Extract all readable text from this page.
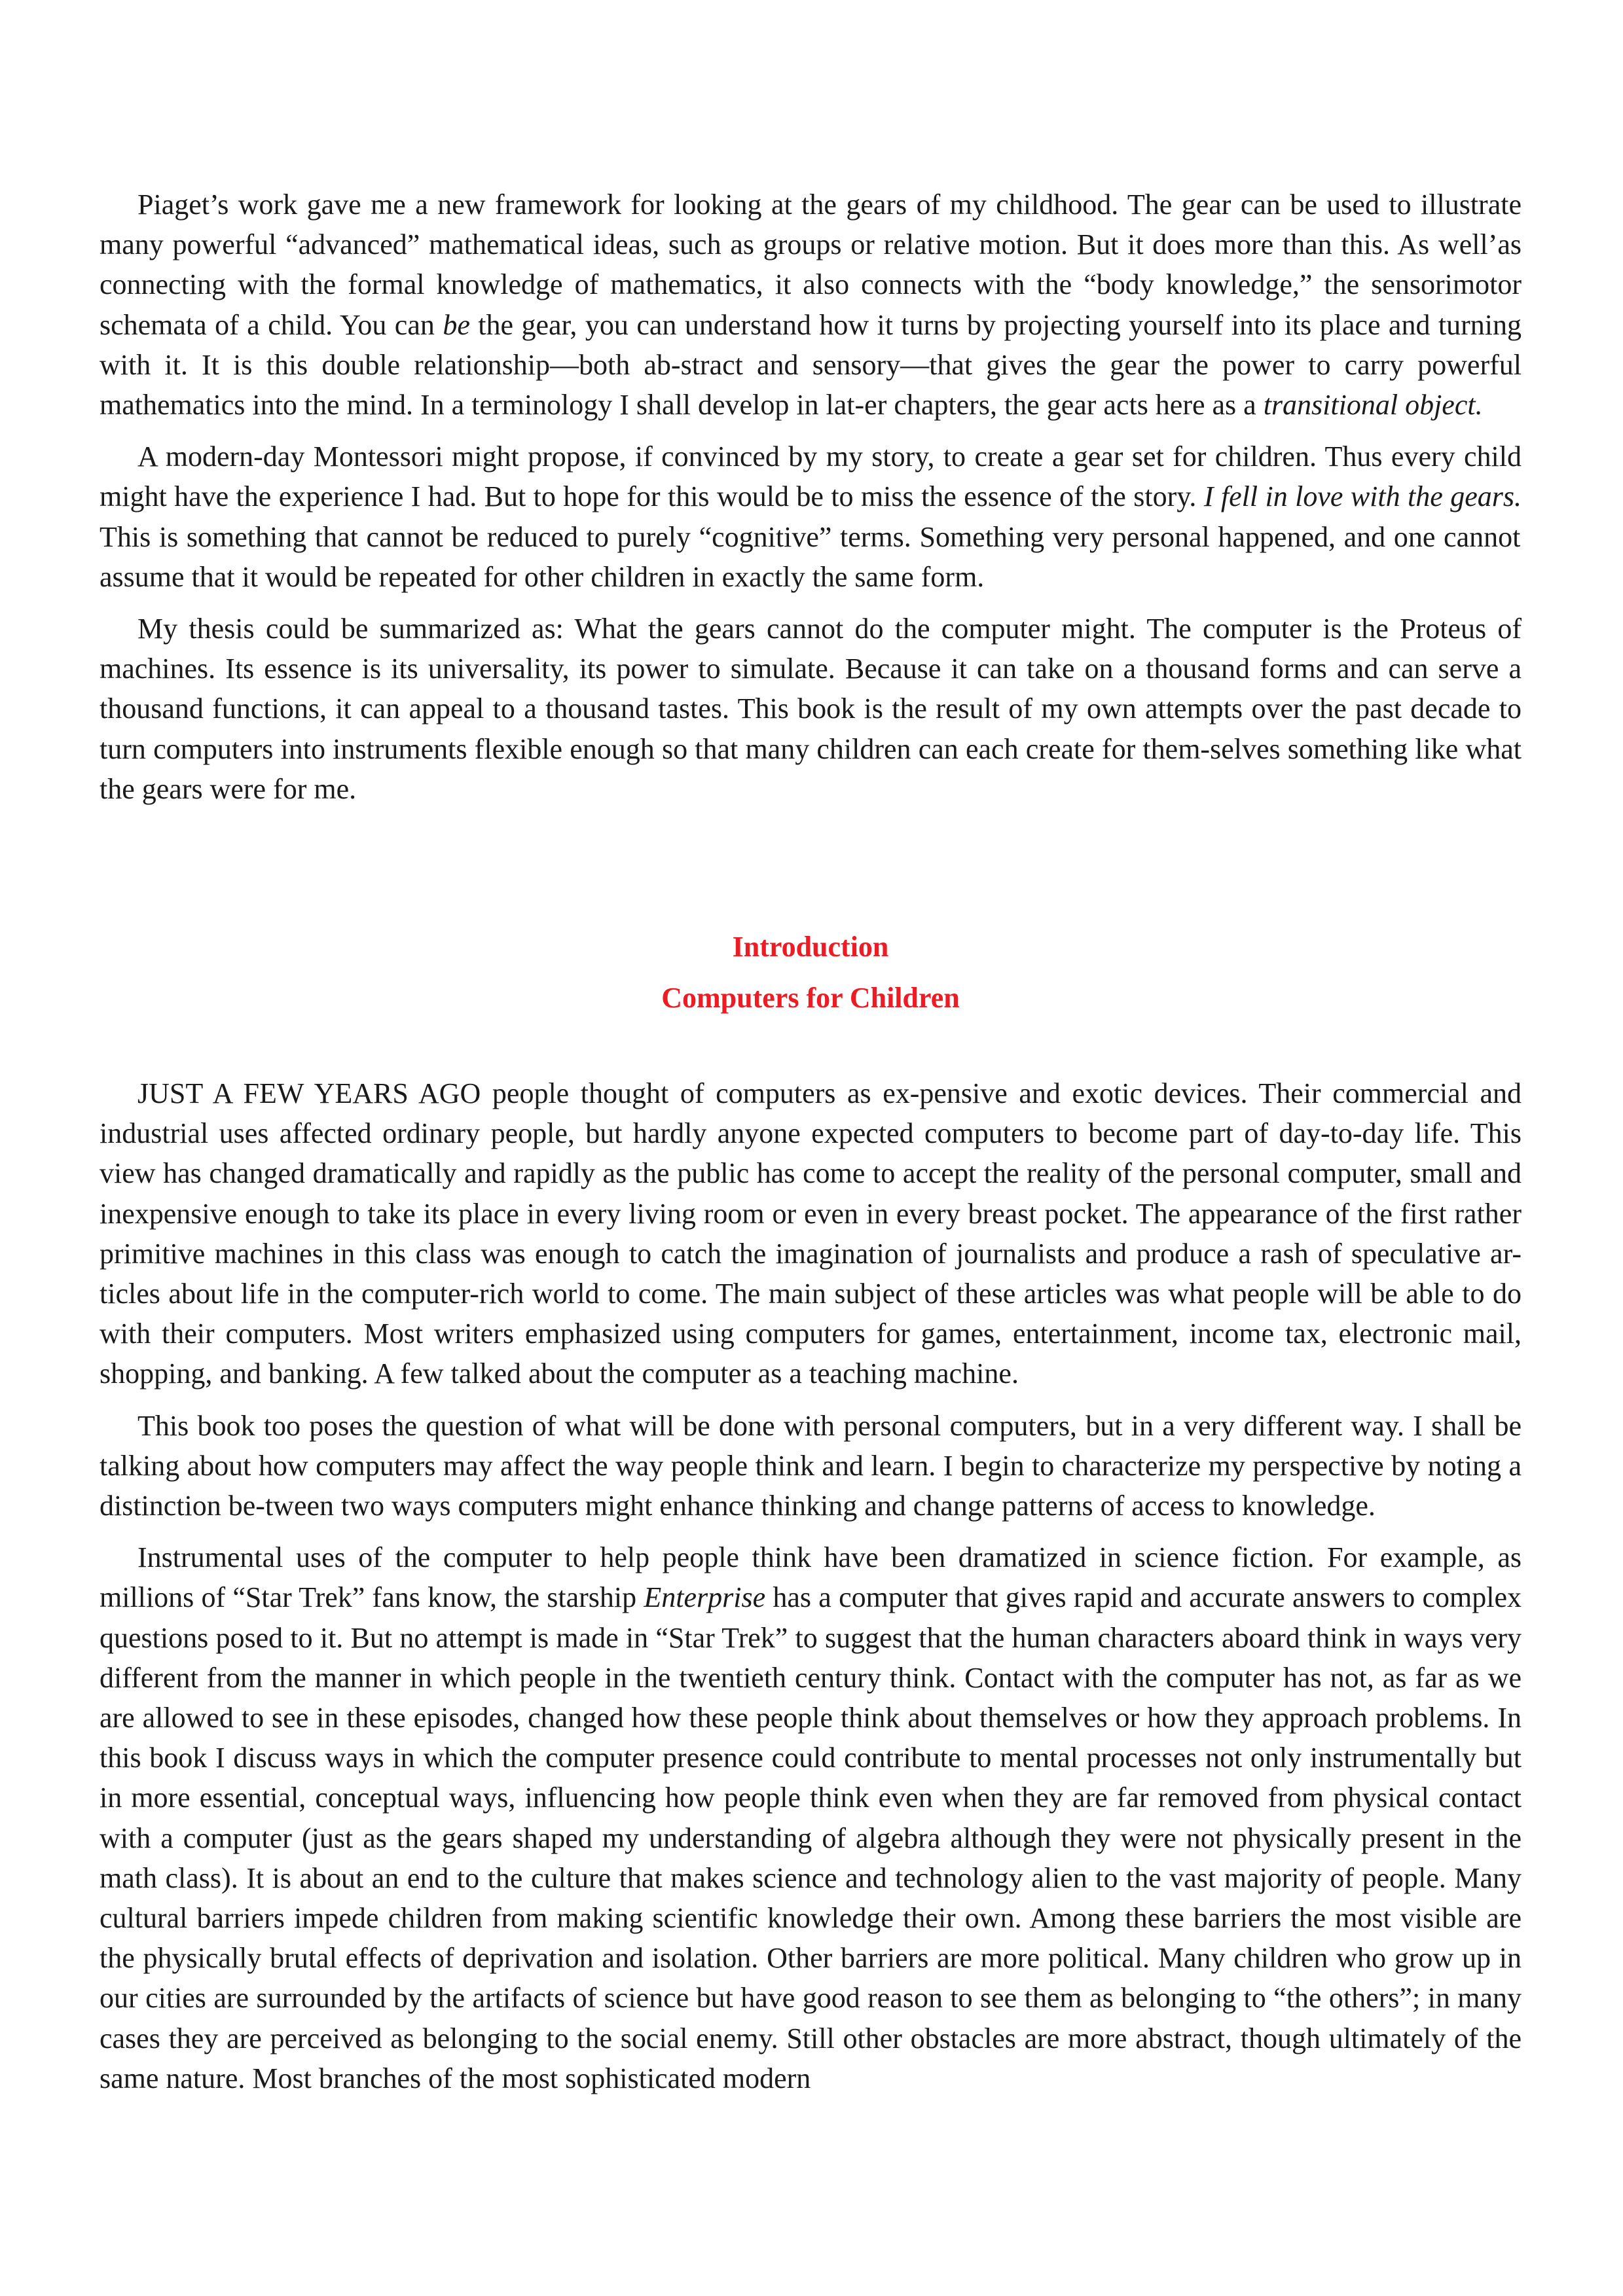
Piaget’s work gave me a new framework for looking at the gears of my childhood. The gear can be used to illustrate many powerful “advanced” mathematical ideas, such as groups or relative motion. But it does more than this. As well’as connecting with the formal knowledge of mathematics, it also connects with the “body knowledge,” the sensorimotor schemata of a child. You can be the gear, you can understand how it turns by projecting yourself into its place and turning with it. It is this double relationship—both ab-stract and sensory—that gives the gear the power to carry powerful mathematics into the mind. In a terminology I shall develop in lat-er chapters, the gear acts here as a transitional object.

A modern-day Montessori might propose, if convinced by my story, to create a gear set for children. Thus every child might have the experience I had. But to hope for this would be to miss the essence of the story. I fell in love with the gears. This is something that cannot be reduced to purely “cognitive” terms. Something very personal happened, and one cannot assume that it would be repeated for other children in exactly the same form.

My thesis could be summarized as: What the gears cannot do the computer might. The computer is the Proteus of machines. Its essence is its universality, its power to simulate. Because it can take on a thousand forms and can serve a thousand functions, it can appeal to a thousand tastes. This book is the result of my own attempts over the past decade to turn computers into instruments flexible enough so that many children can each create for them-selves something like what the gears were for me.

Introduction
Computers for Children

JUST A FEW YEARS AGO people thought of computers as ex-pensive and exotic devices. Their commercial and industrial uses affected ordinary people, but hardly anyone expected computers to become part of day-to-day life. This view has changed dramatically and rapidly as the public has come to accept the reality of the personal computer, small and inexpensive enough to take its place in every living room or even in every breast pocket. The appearance of the first rather primitive machines in this class was enough to catch the imagination of journalists and produce a rash of speculative ar-ticles about life in the computer-rich world to come. The main subject of these articles was what people will be able to do with their computers. Most writers emphasized using computers for games, entertainment, income tax, electronic mail, shopping, and banking. A few talked about the computer as a teaching machine.

This book too poses the question of what will be done with personal computers, but in a very different way. I shall be talking about how computers may affect the way people think and learn. I begin to characterize my perspective by noting a distinction be-tween two ways computers might enhance thinking and change patterns of access to knowledge.

Instrumental uses of the computer to help people think have been dramatized in science fiction. For example, as millions of “Star Trek” fans know, the starship Enterprise has a computer that gives rapid and accurate answers to complex questions posed to it. But no attempt is made in “Star Trek” to suggest that the human characters aboard think in ways very different from the manner in which people in the twentieth century think. Contact with the computer has not, as far as we are allowed to see in these episodes, changed how these people think about themselves or how they approach problems. In this book I discuss ways in which the computer presence could contribute to mental processes not only instrumentally but in more essential, conceptual ways, influencing how people think even when they are far removed from physical contact with a computer (just as the gears shaped my understanding of algebra although they were not physically present in the math class). It is about an end to the culture that makes science and technology alien to the vast majority of people. Many cultural barriers impede children from making scientific knowledge their own. Among these barriers the most visible are the physically brutal effects of deprivation and isolation. Other barriers are more political. Many children who grow up in our cities are surrounded by the artifacts of science but have good reason to see them as belonging to “the others”; in many cases they are perceived as belonging to the social enemy. Still other obstacles are more abstract, though ultimately of the same nature. Most branches of the most sophisticated modern
